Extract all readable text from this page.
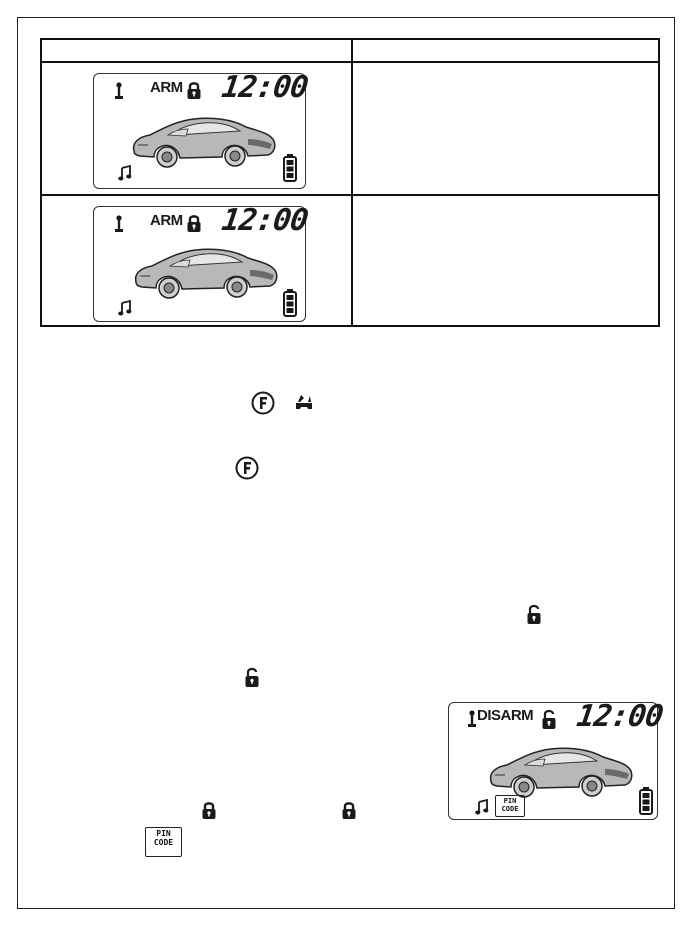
ARM 12:00
ARM 12:00
PIN
CODE
DISARM 12:00
PIN
CODE
